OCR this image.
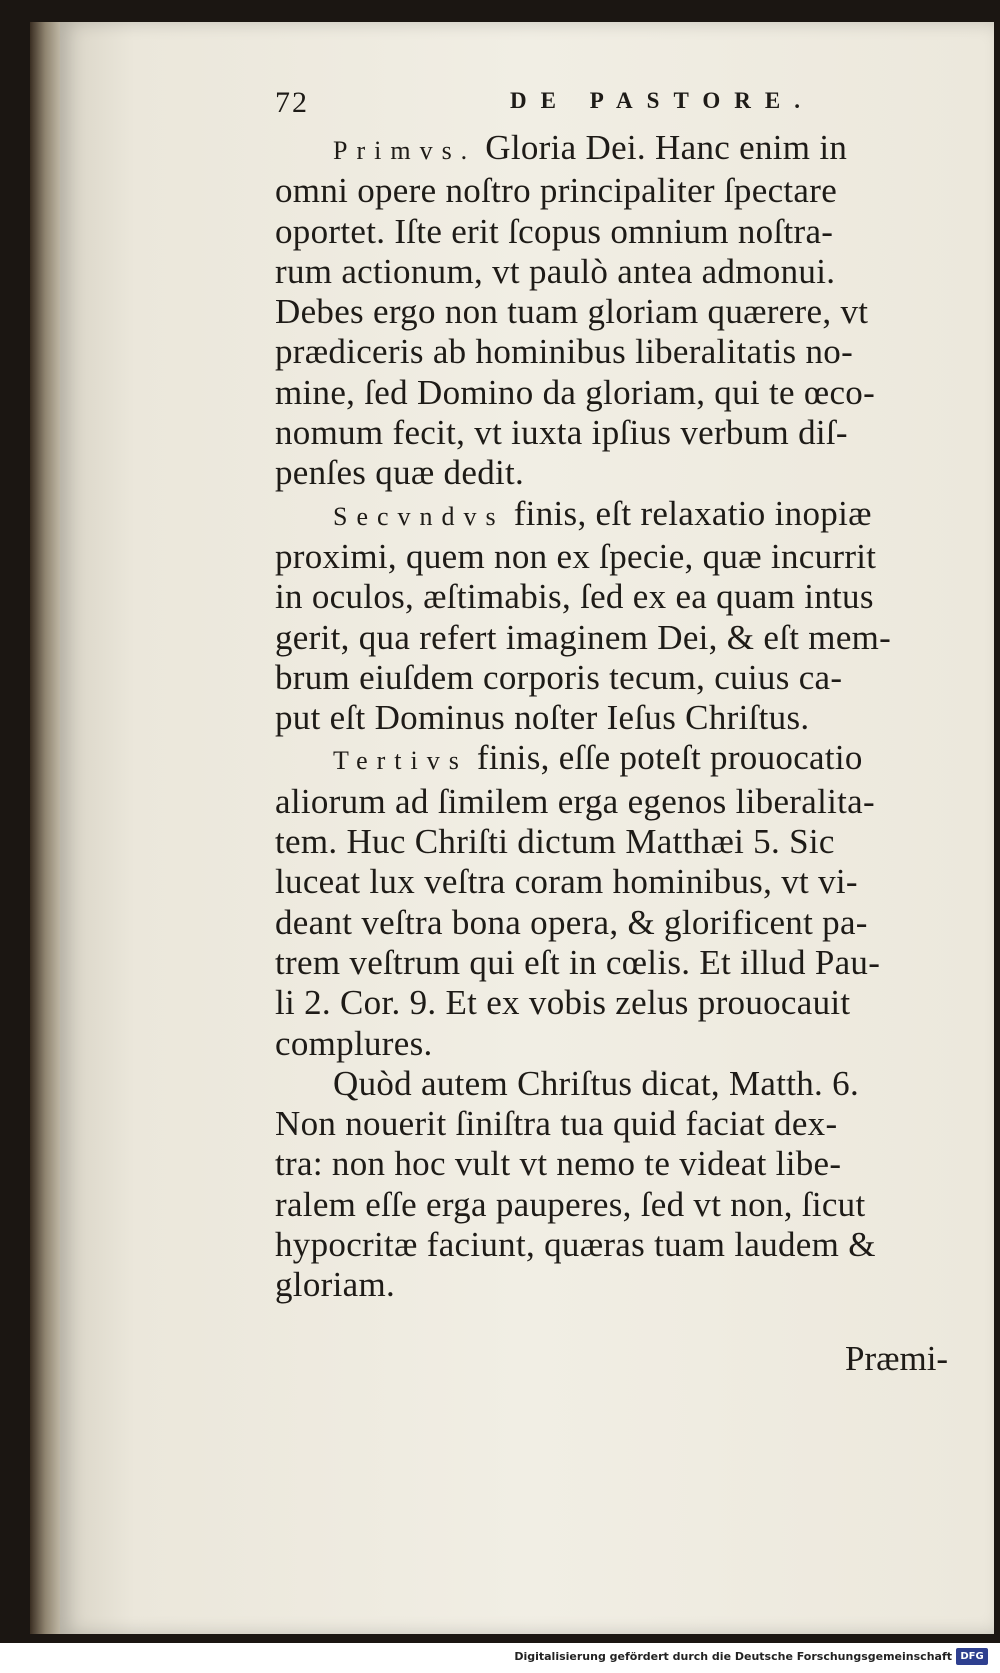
72	DE PASTORE.
Primvs. Gloria Dei. Hanc enim in
omni opere noſtro principaliter ſpectare
oportet. Iſte erit ſcopus omnium noſtra-
rum actionum, vt paulò antea admonui.
Debes ergo non tuam gloriam quærere, vt
prædiceris ab hominibus liberalitatis no-
mine, ſed Domino da gloriam, qui te œco-
nomum fecit, vt iuxta ipſius verbum diſ-
penſes quæ dedit.
Secvndvs finis, eſt relaxatio inopiæ
proximi, quem non ex ſpecie, quæ incurrit
in oculos, æſtimabis, ſed ex ea quam intus
gerit, qua refert imaginem Dei, & eſt mem-
brum eiuſdem corporis tecum, cuius ca-
put eſt Dominus noſter Ieſus Chriſtus.
Tertivs finis, eſſe poteſt prouocatio
aliorum ad ſimilem erga egenos liberalita-
tem. Huc Chriſti dictum Matthæi 5. Sic
luceat lux veſtra coram hominibus, vt vi-
deant veſtra bona opera, & glorificent pa-
trem veſtrum qui eſt in cœlis. Et illud Pau-
li 2. Cor. 9. Et ex vobis zelus prouocauit
complures.
Quòd autem Chriſtus dicat, Matth. 6.
Non nouerit ſiniſtra tua quid faciat dex-
tra: non hoc vult vt nemo te videat libe-
ralem eſſe erga pauperes, ſed vt non, ſicut
hypocritæ faciunt, quæras tuam laudem &
gloriam.
Præmi-
Digitalisierung gefördert durch die Deutsche Forschungsgemeinschaft DFG
